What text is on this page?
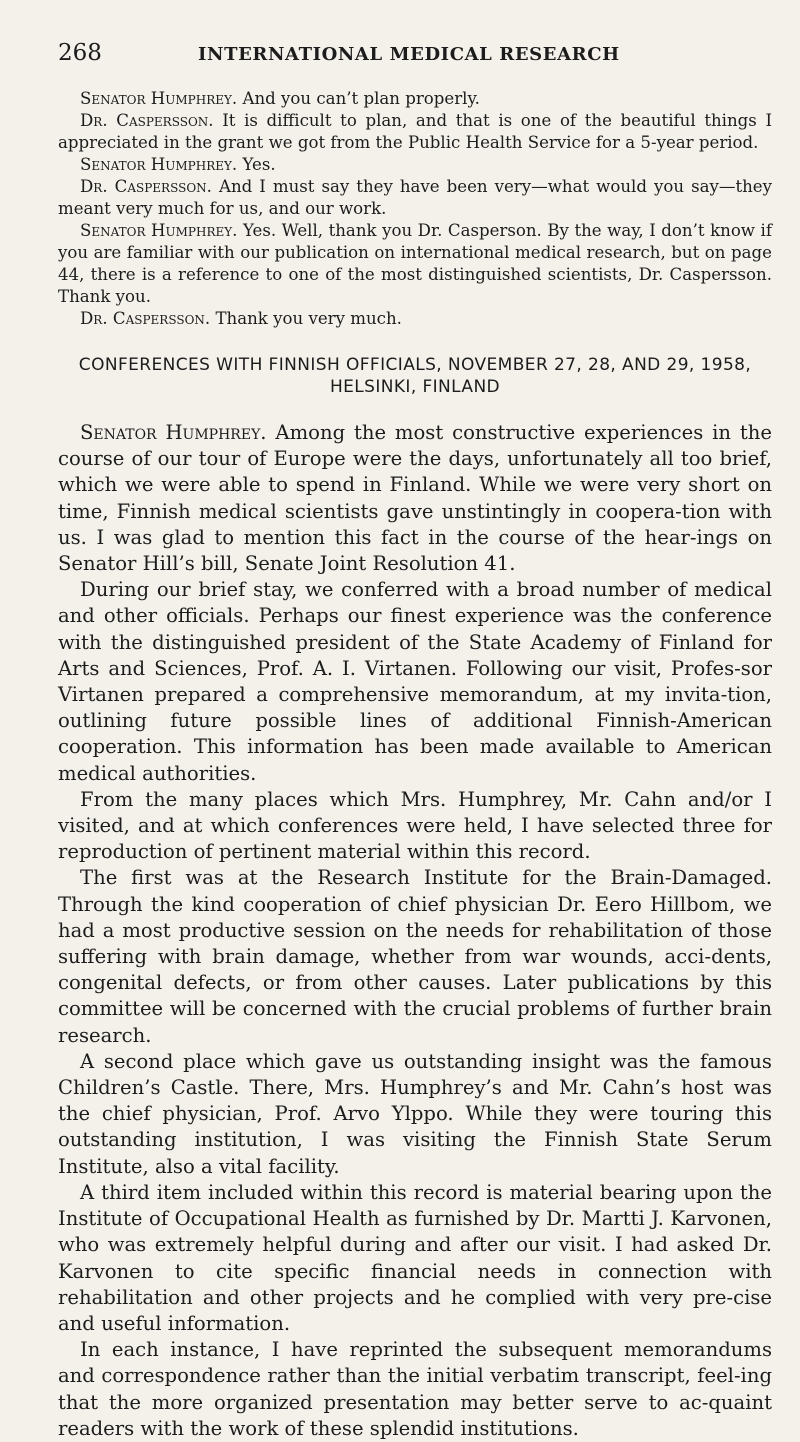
268	INTERNATIONAL MEDICAL RESEARCH

Senator Humphrey. And you can’t plan properly.

Dr. Caspersson. It is difficult to plan, and that is one of the beautiful things I appreciated in the grant we got from the Public Health Service for a 5-year period.

Senator Humphrey. Yes.

Dr. Caspersson. And I must say they have been very—what would you say—they meant very much for us, and our work.

Senator Humphrey. Yes. Well, thank you Dr. Casperson. By the way, I don’t know if you are familiar with our publication on international medical research, but on page 44, there is a reference to one of the most distinguished scientists, Dr. Caspersson. Thank you.

Dr. Caspersson. Thank you very much.

CONFERENCES WITH FINNISH OFFICIALS, NOVEMBER 27, 28, AND 29, 1958,
HELSINKI, FINLAND

Senator Humphrey. Among the most constructive experiences in the course of our tour of Europe were the days, unfortunately all too brief, which we were able to spend in Finland. While we were very short on time, Finnish medical scientists gave unstintingly in coopera-tion with us. I was glad to mention this fact in the course of the hear-ings on Senator Hill’s bill, Senate Joint Resolution 41.

During our brief stay, we conferred with a broad number of medical and other officials. Perhaps our finest experience was the conference with the distinguished president of the State Academy of Finland for Arts and Sciences, Prof. A. I. Virtanen. Following our visit, Profes-sor Virtanen prepared a comprehensive memorandum, at my invita-tion, outlining future possible lines of additional Finnish-American cooperation. This information has been made available to American medical authorities.

From the many places which Mrs. Humphrey, Mr. Cahn and/or I visited, and at which conferences were held, I have selected three for reproduction of pertinent material within this record.

The first was at the Research Institute for the Brain-Damaged. Through the kind cooperation of chief physician Dr. Eero Hillbom, we had a most productive session on the needs for rehabilitation of those suffering with brain damage, whether from war wounds, acci-dents, congenital defects, or from other causes. Later publications by this committee will be concerned with the crucial problems of further brain research.

A second place which gave us outstanding insight was the famous Children’s Castle. There, Mrs. Humphrey’s and Mr. Cahn’s host was the chief physician, Prof. Arvo Ylppo. While they were touring this outstanding institution, I was visiting the Finnish State Serum Institute, also a vital facility.

A third item included within this record is material bearing upon the Institute of Occupational Health as furnished by Dr. Martti J. Karvonen, who was extremely helpful during and after our visit. I had asked Dr. Karvonen to cite specific financial needs in connection with rehabilitation and other projects and he complied with very pre-cise and useful information.

In each instance, I have reprinted the subsequent memorandums and correspondence rather than the initial verbatim transcript, feel-ing that the more organized presentation may better serve to ac-quaint readers with the work of these splendid institutions.
